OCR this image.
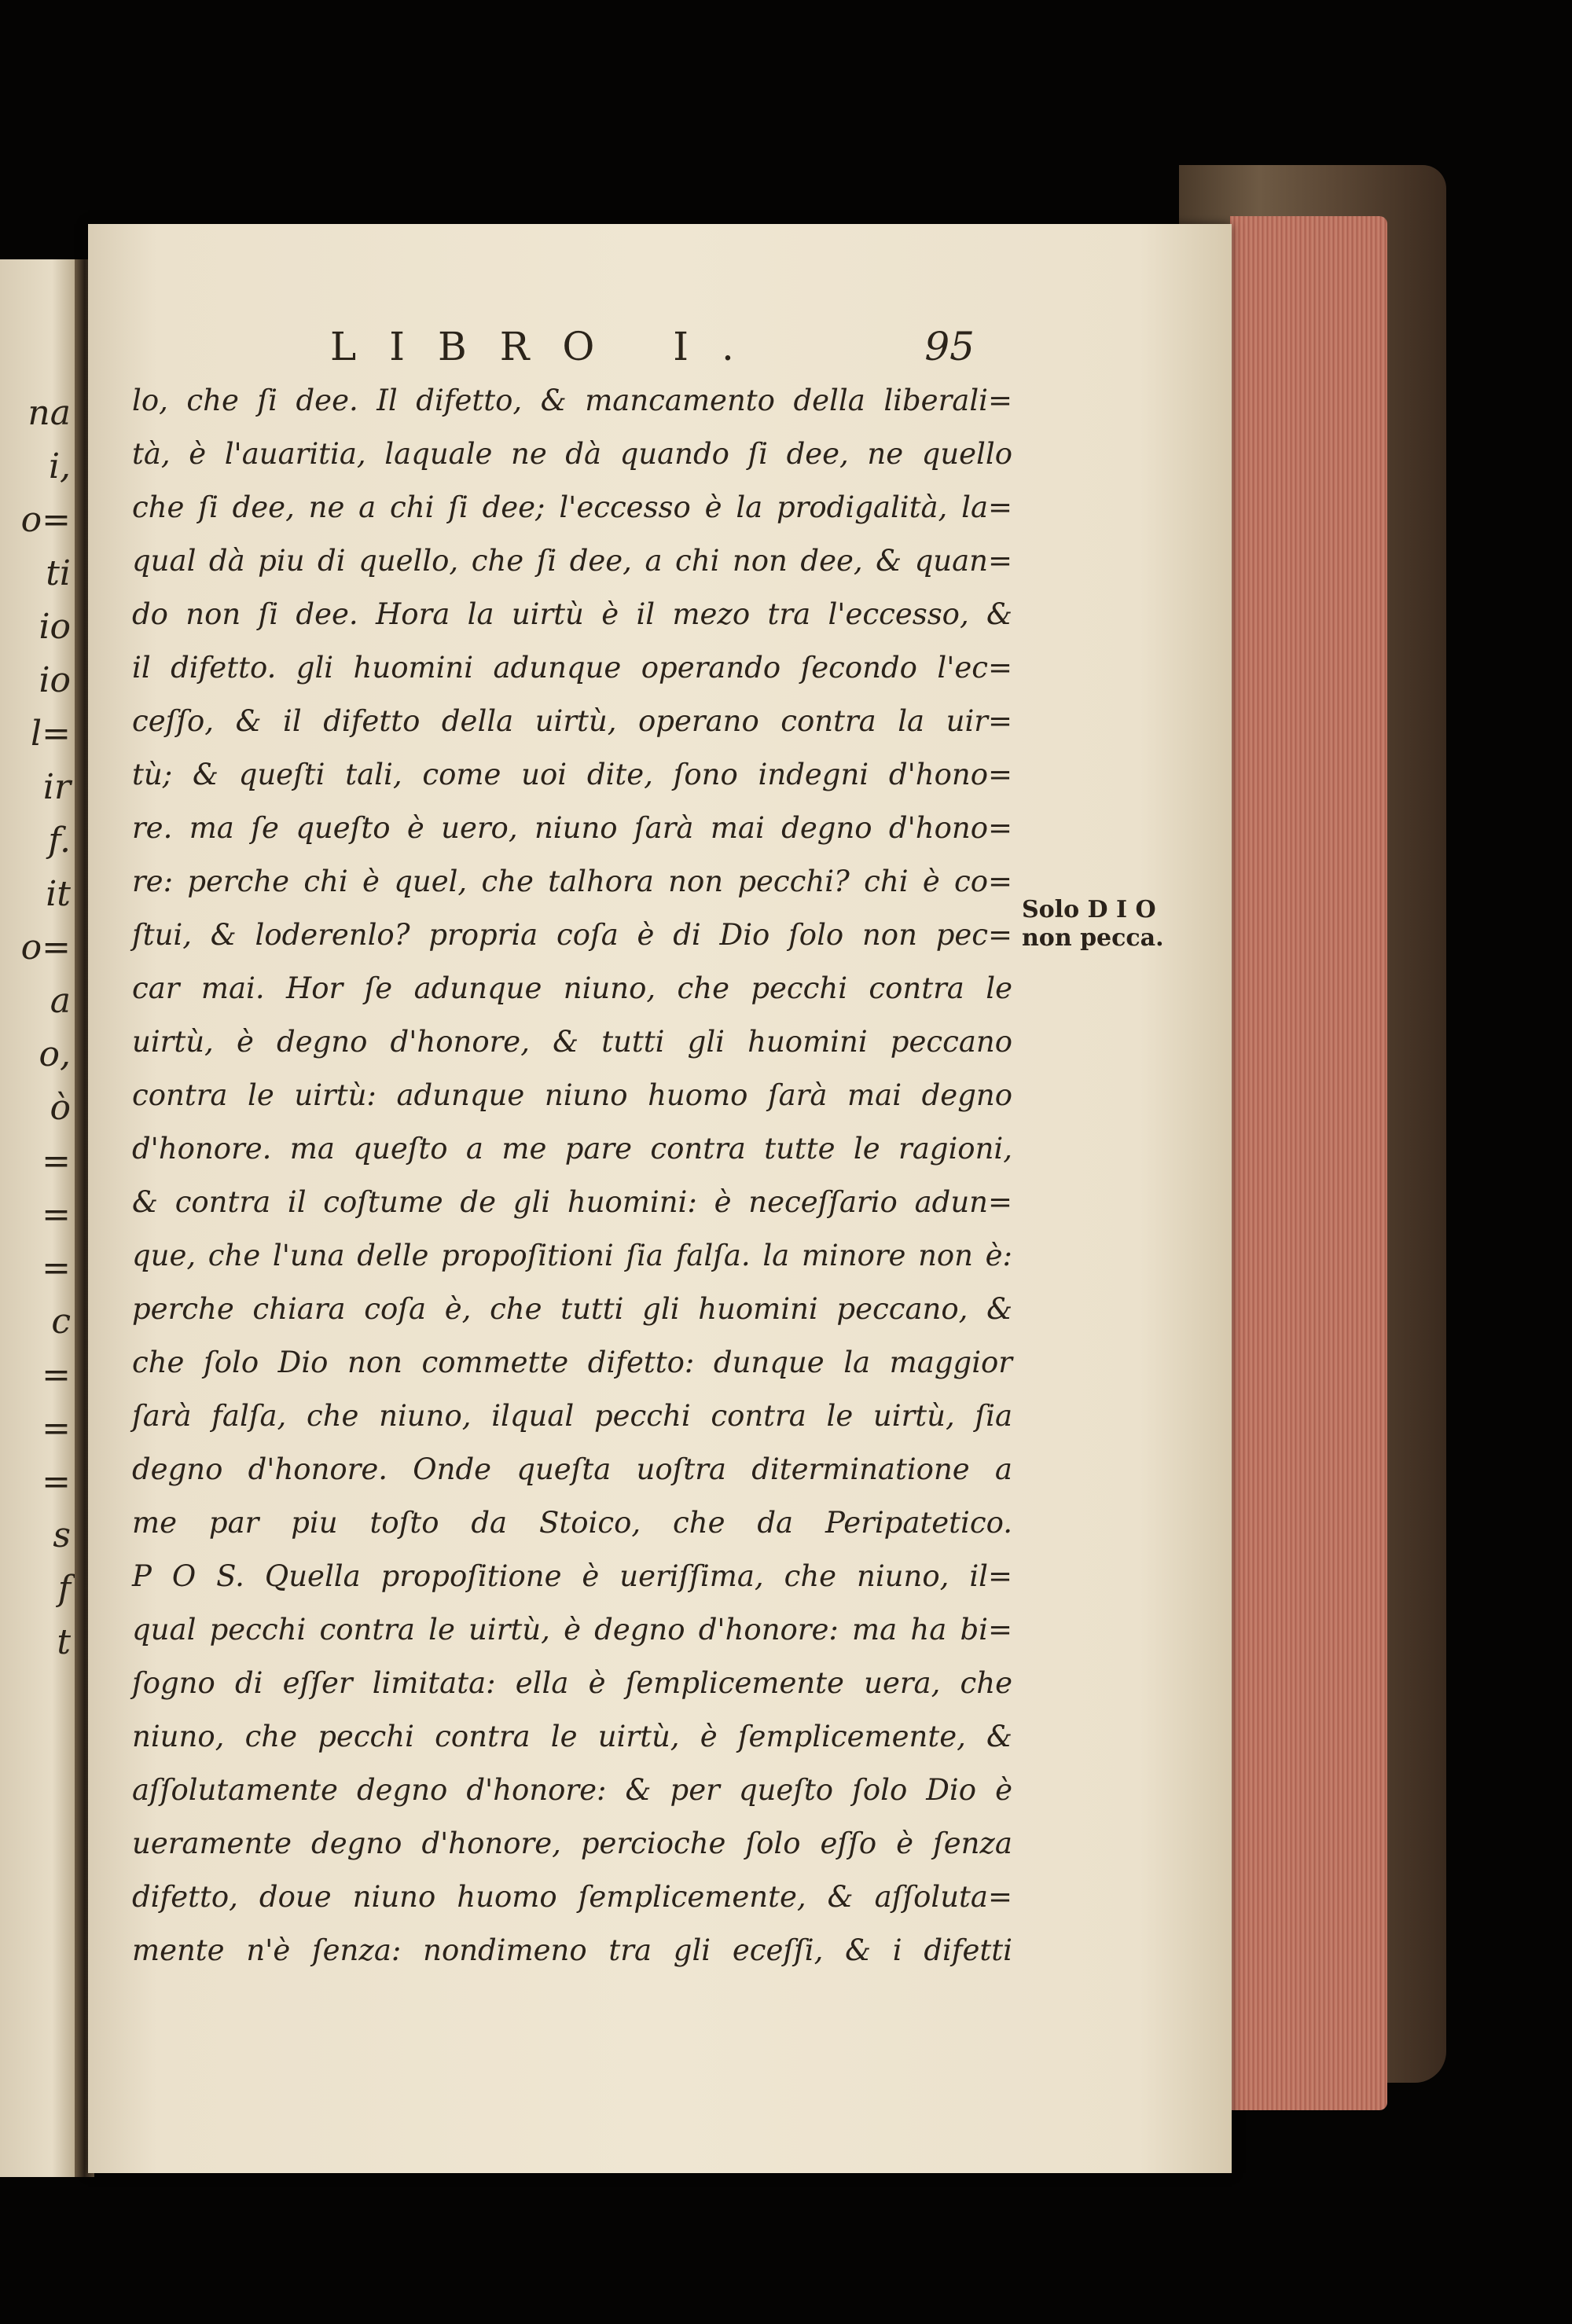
na
i,
o=
ti
io
io
l=
ir
f.
it
o=
a
o,
ò
=
=
=
c
=
=
=
s
f
t
LIBRO I.	95
lo, che ſi dee. Il difetto, & mancamento della liberali=
tà, è l'auaritia, laquale ne dà quando ſi dee, ne quello
che ſi dee, ne a chi ſi dee; l'eccesso è la prodigalità, la=
qual dà piu di quello, che ſi dee, a chi non dee, & quan=
do non ſi dee. Hora la uirtù è il mezo tra l'eccesso, &
il difetto. gli huomini adunque operando ſecondo l'ec=
ceſſo, & il difetto della uirtù, operano contra la uir=
tù; & queſti tali, come uoi dite, ſono indegni d'hono=
re. ma ſe queſto è uero, niuno ſarà mai degno d'hono=
re: perche chi è quel, che talhora non pecchi? chi è co=
ſtui, & loderenlo? propria coſa è di Dio ſolo non pec=
car mai. Hor ſe adunque niuno, che pecchi contra le
uirtù, è degno d'honore, & tutti gli huomini peccano
contra le uirtù: adunque niuno huomo ſarà mai degno
d'honore. ma queſto a me pare contra tutte le ragioni,
& contra il coſtume de gli huomini: è neceſſario adun=
que, che l'una delle propoſitioni ſia falſa. la minore non è:
perche chiara coſa è, che tutti gli huomini peccano, &
che ſolo Dio non commette difetto: dunque la maggior
ſarà falſa, che niuno, ilqual pecchi contra le uirtù, ſia
degno d'honore. Onde queſta uoſtra diterminatione a
me par piu toſto da Stoico, che da Peripatetico.
P O S. Quella propoſitione è ueriſſima, che niuno, il=
qual pecchi contra le uirtù, è degno d'honore: ma ha bi=
ſogno di eſſer limitata: ella è ſemplicemente uera, che
niuno, che pecchi contra le uirtù, è ſemplicemente, &
aſſolutamente degno d'honore: & per queſto ſolo Dio è
ueramente degno d'honore, percioche ſolo eſſo è ſenza
difetto, doue niuno huomo ſemplicemente, & aſſoluta=
mente n'è ſenza: nondimeno tra gli eceſſi, & i difetti
Solo D I O
non pecca.
